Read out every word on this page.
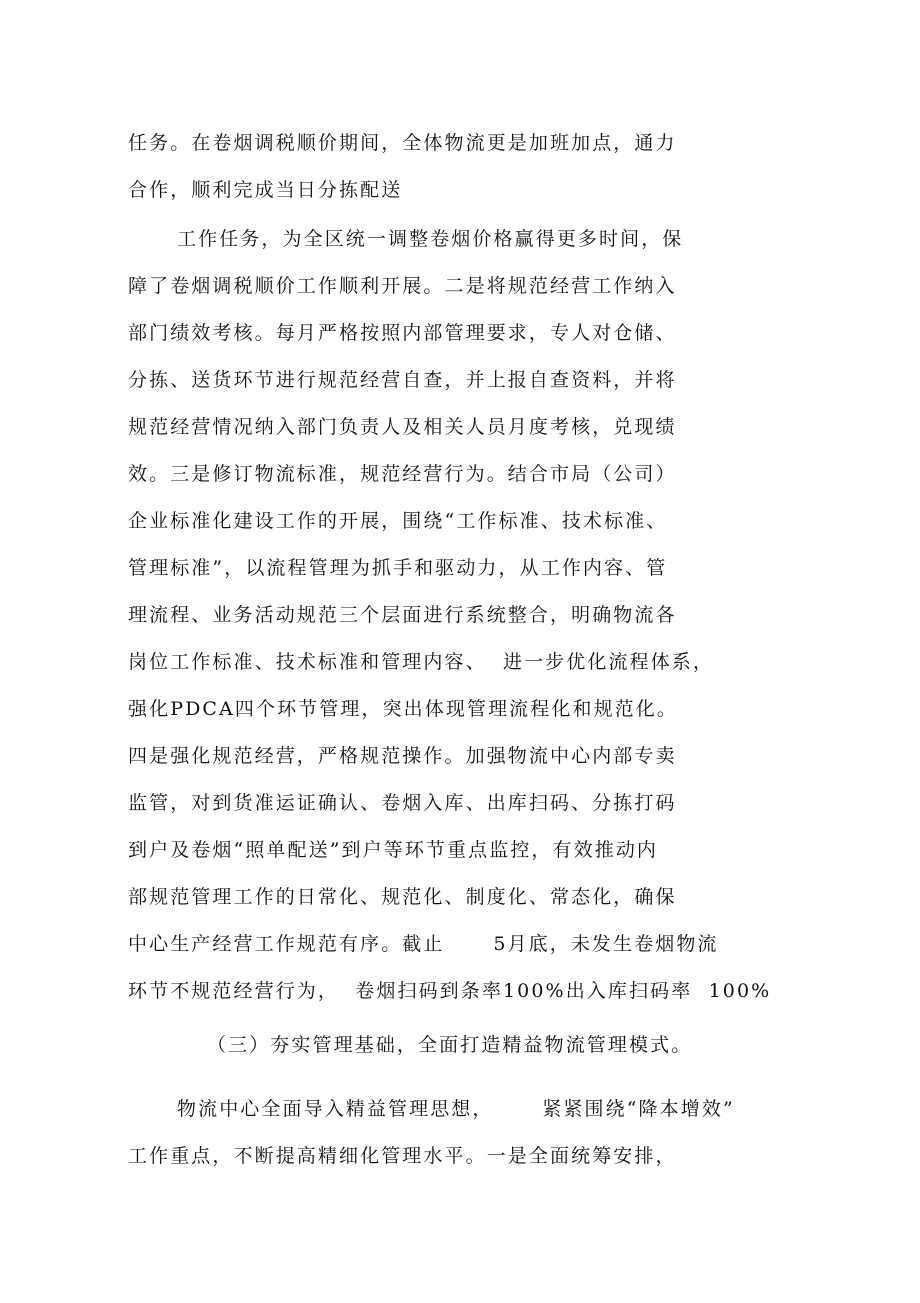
任务。在卷烟调税顺价期间，全体物流更是加班加点，通力

合作，顺利完成当日分拣配送

工作任务，为全区统一调整卷烟价格赢得更多时间，保

障了卷烟调税顺价工作顺利开展。二是将规范经营工作纳入

部门绩效考核。每月严格按照内部管理要求，专人对仓储、

分拣、送货环节进行规范经营自查，并上报自查资料，并将

规范经营情况纳入部门负责人及相关人员月度考核，兑现绩

效。三是修订物流标准，规范经营行为。结合市局（公司）

企业标准化建设工作的开展，围绕“工作标准、技术标准、

管理标准”，以流程管理为抓手和驱动力，从工作内容、管

理流程、业务活动规范三个层面进行系统整合，明确物流各

岗位工作标准、技术标准和管理内容、  进一步优化流程体系，

强化PDCA四个环节管理，突出体现管理流程化和规范化。

四是强化规范经营，严格规范操作。加强物流中心内部专卖

监管，对到货准运证确认、卷烟入库、出库扫码、分拣打码

到户及卷烟“照单配送”到户等环节重点监控，有效推动内

部规范管理工作的日常化、规范化、制度化、常态化，确保

中心生产经营工作规范有序。截止      5月底，未发生卷烟物流

环节不规范经营行为，  卷烟扫码到条率100%出入库扫码率  100%

（三）夯实管理基础，全面打造精益物流管理模式。

物流中心全面导入精益管理思想，      紧紧围绕“降本增效”

工作重点，不断提高精细化管理水平。一是全面统筹安排，
